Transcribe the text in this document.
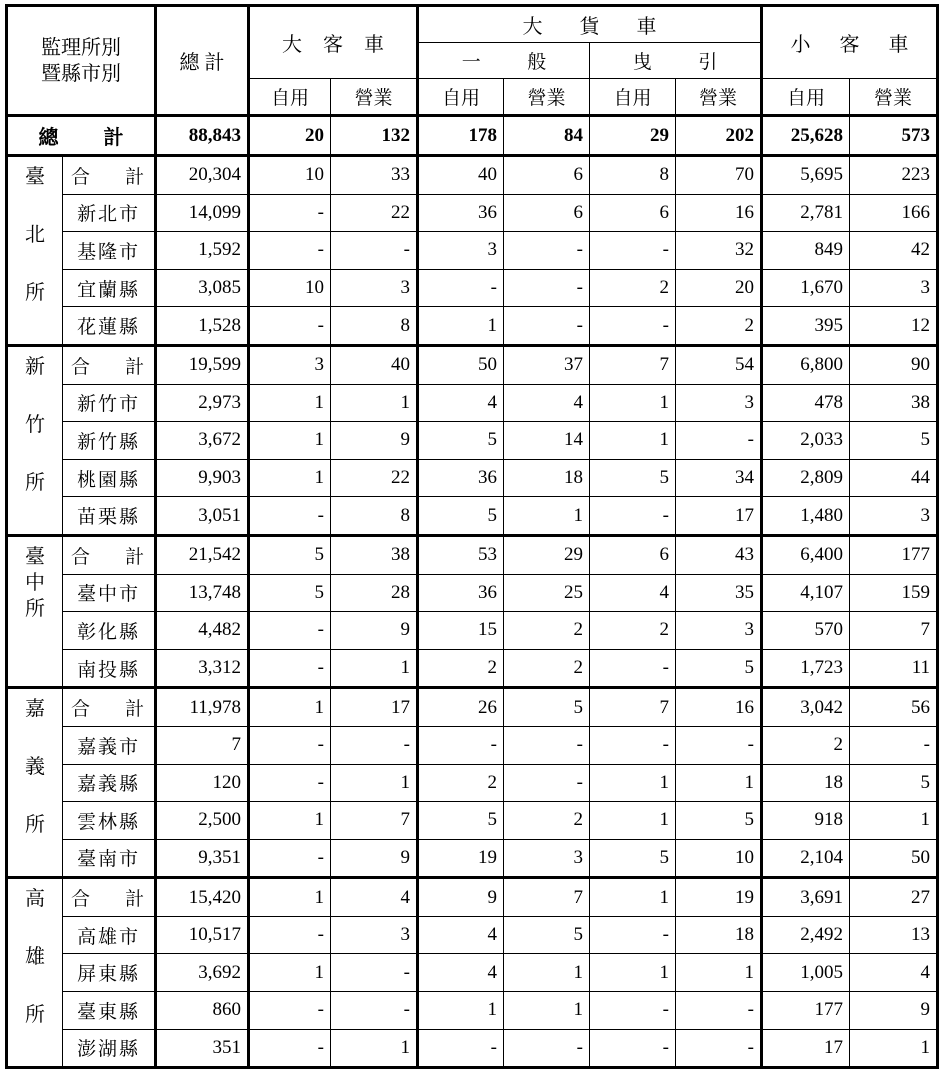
監理所別
暨縣市別		總 計	大 客 車		大 貨 車				小 客 車	
					一 般		曳 引			
			自用	營業	自用	營業	自用	營業	自用	營業
總 計		88,843	20	132	178	84	29	202	25,628	573

臺
北
所	合 計	20,304	10	33	40	6	8	70	5,695	223
	新北市	14,099	-	22	36	6	6	16	2,781	166
	基隆市	1,592	-	-	3	-	-	32	849	42
	宜蘭縣	3,085	10	3	-	-	2	20	1,670	3
	花蓮縣	1,528	-	8	1	-	-	2	395	12

新
竹
所	合 計	19,599	3	40	50	37	7	54	6,800	90
	新竹市	2,973	1	1	4	4	1	3	478	38
	新竹縣	3,672	1	9	5	14	1	-	2,033	5
	桃園縣	9,903	1	22	36	18	5	34	2,809	44
	苗栗縣	3,051	-	8	5	1	-	17	1,480	3

臺
中
所	合 計	21,542	5	38	53	29	6	43	6,400	177
	臺中市	13,748	5	28	36	25	4	35	4,107	159
	彰化縣	4,482	-	9	15	2	2	3	570	7
	南投縣	3,312	-	1	2	2	-	5	1,723	11

嘉
義
所	合 計	11,978	1	17	26	5	7	16	3,042	56
	嘉義市	7	-	-	-	-	-	-	2	-
	嘉義縣	120	-	1	2	-	1	1	18	5
	雲林縣	2,500	1	7	5	2	1	5	918	1
	臺南市	9,351	-	9	19	3	5	10	2,104	50

高
雄
所	合 計	15,420	1	4	9	7	1	19	3,691	27
	高雄市	10,517	-	3	4	5	-	18	2,492	13
	屏東縣	3,692	1	-	4	1	1	1	1,005	4
	臺東縣	860	-	-	1	1	-	-	177	9
	澎湖縣	351	-	1	-	-	-	-	17	1
